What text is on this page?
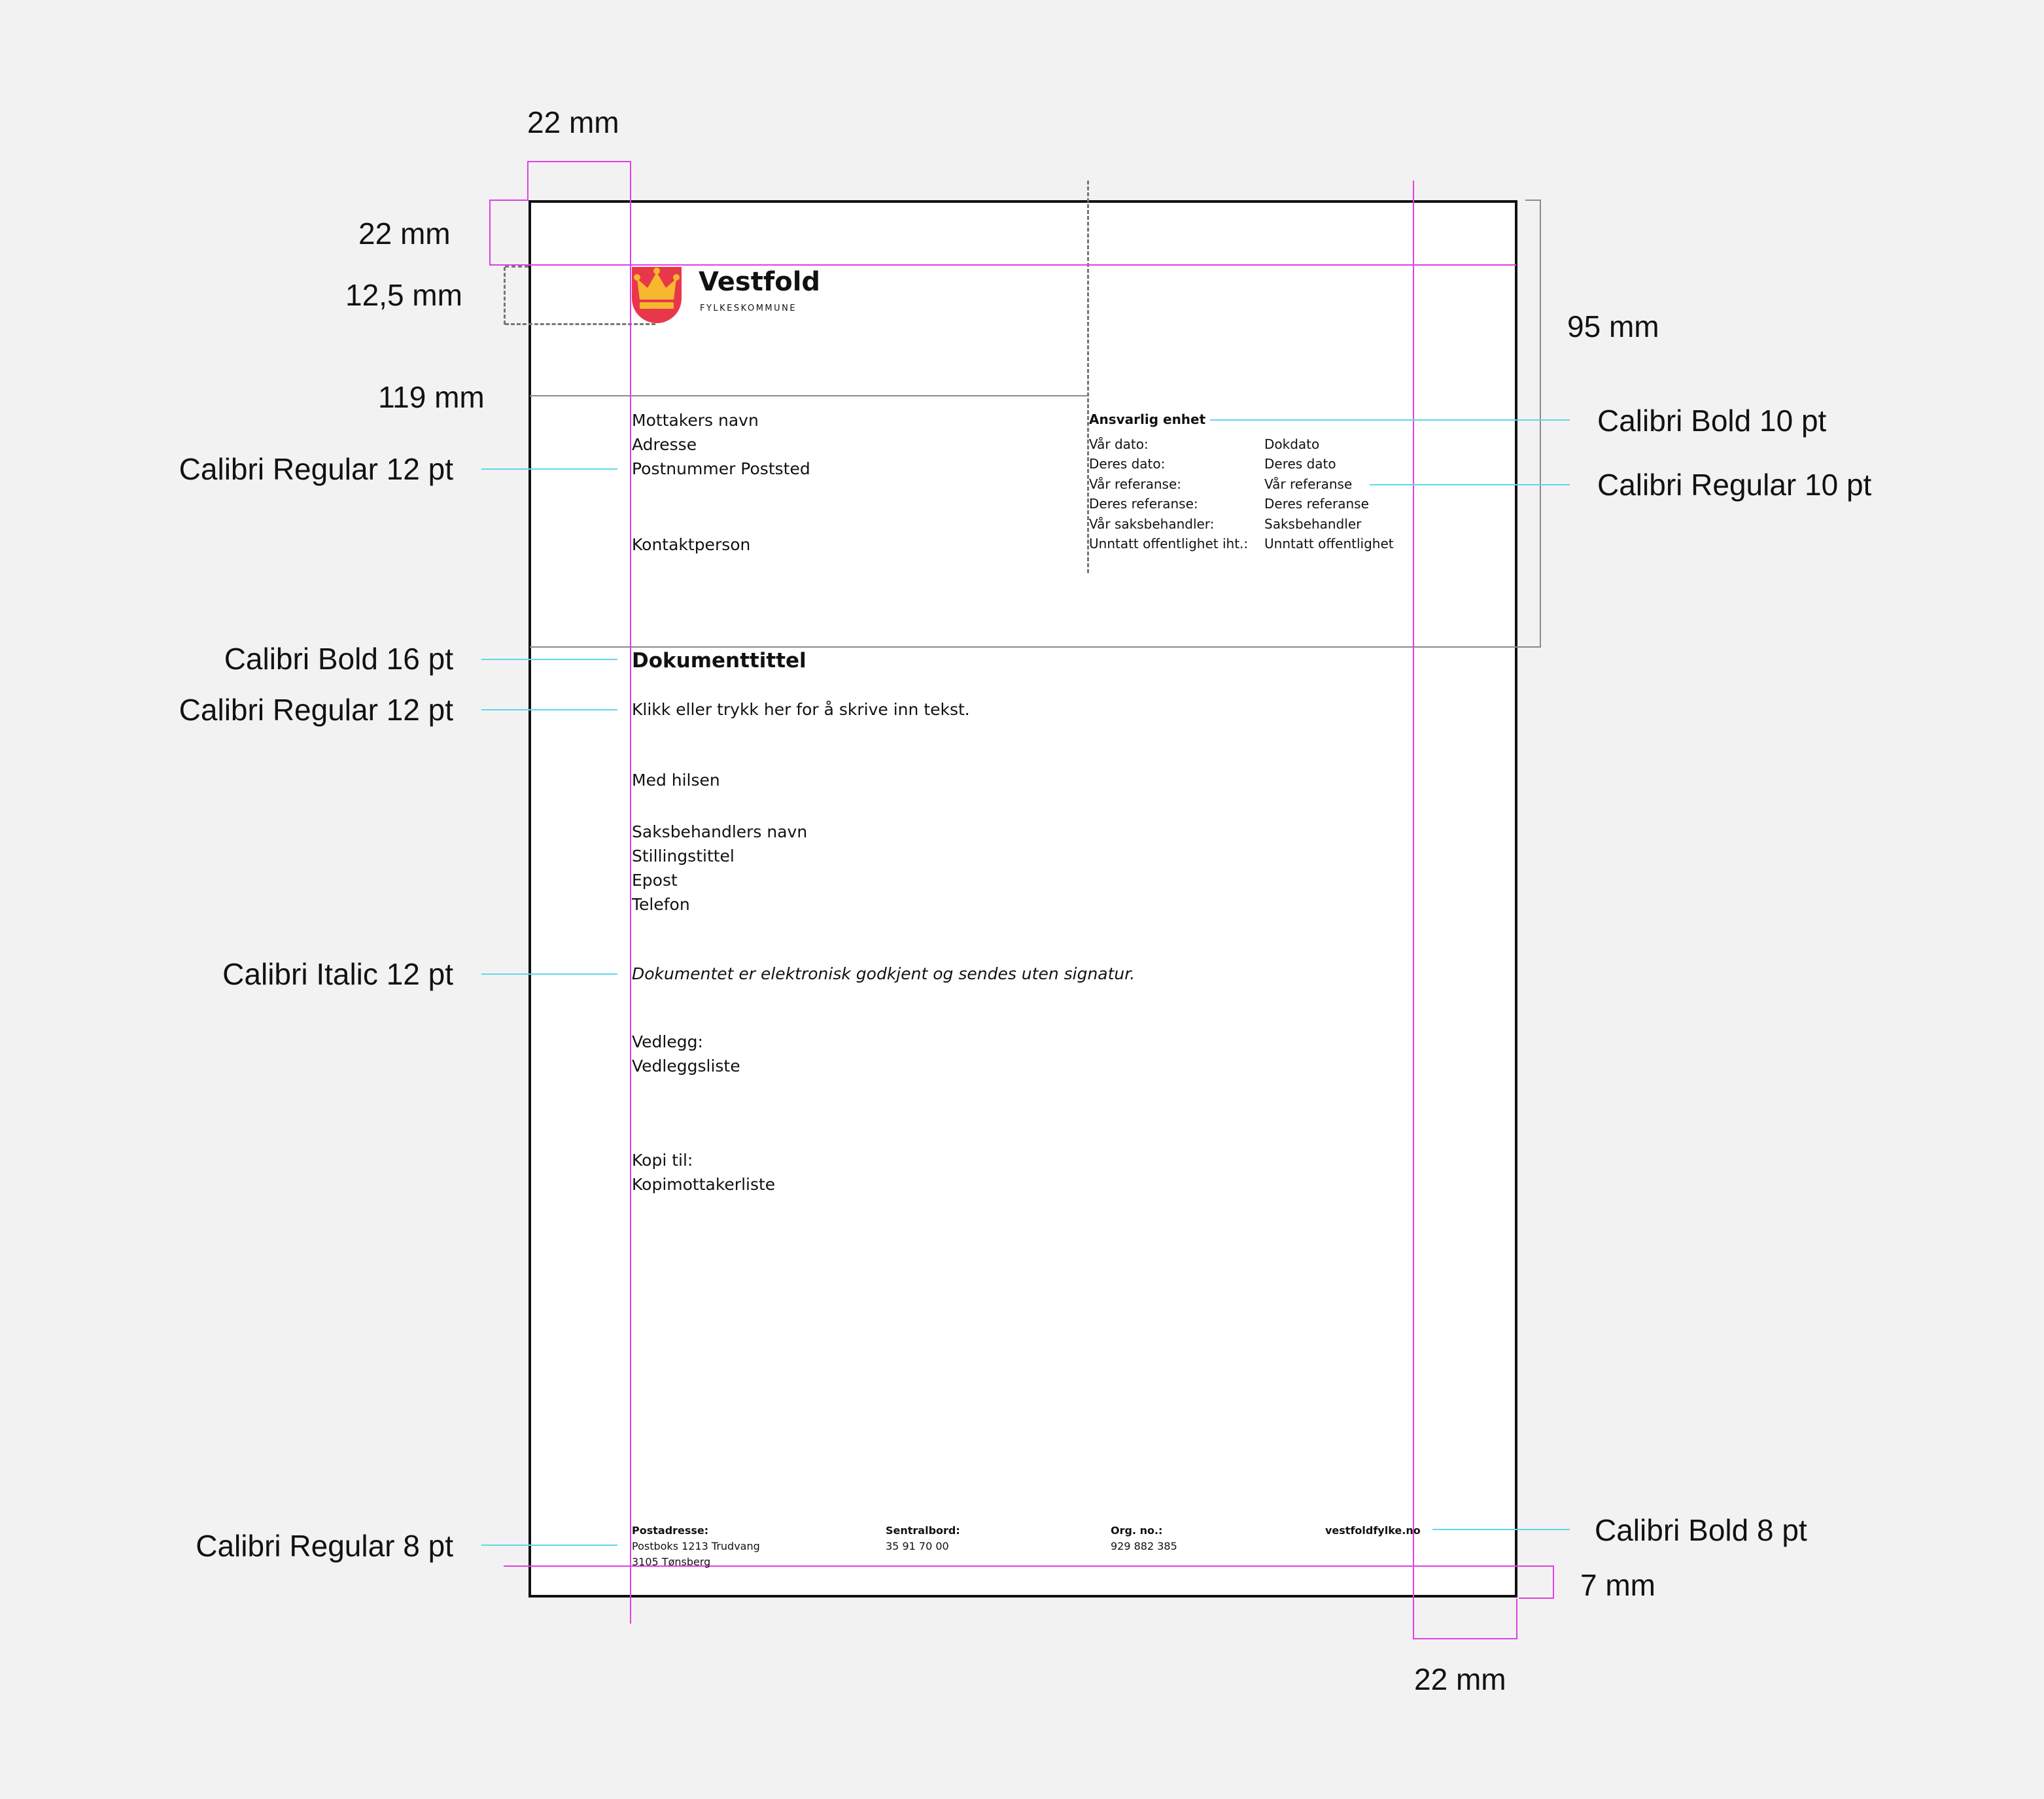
22 mm
22 mm
12,5 mm
119 mm
95 mm
7 mm
22 mm
Calibri Regular 12 pt
Calibri Bold 16 pt
Calibri Regular 12 pt
Calibri Italic 12 pt
Calibri Regular 8 pt
Calibri Bold 10 pt
Calibri Regular 10 pt
Calibri Bold 8 pt
Vestfold
FYLKESKOMMUNE
Mottakers navn
Adresse
Postnummer Poststed
Kontaktperson
Ansvarlig enhet
Vår dato:	Dokdato
Deres dato:	Deres dato
Vår referanse:	Vår referanse
Deres referanse:	Deres referanse
Vår saksbehandler:	Saksbehandler
Unntatt offentlighet iht.: Unntatt offentlighet
Dokumenttittel
Klikk eller trykk her for å skrive inn tekst.
Med hilsen
Saksbehandlers navn
Stillingstittel
Epost
Telefon
Dokumentet er elektronisk godkjent og sendes uten signatur.
Vedlegg:
Vedleggsliste
Kopi til:
Kopimottakerliste
Postadresse:
Postboks 1213 Trudvang
3105 Tønsberg
Sentralbord:
35 91 70 00
Org. no.:
929 882 385
vestfoldfylke.no
